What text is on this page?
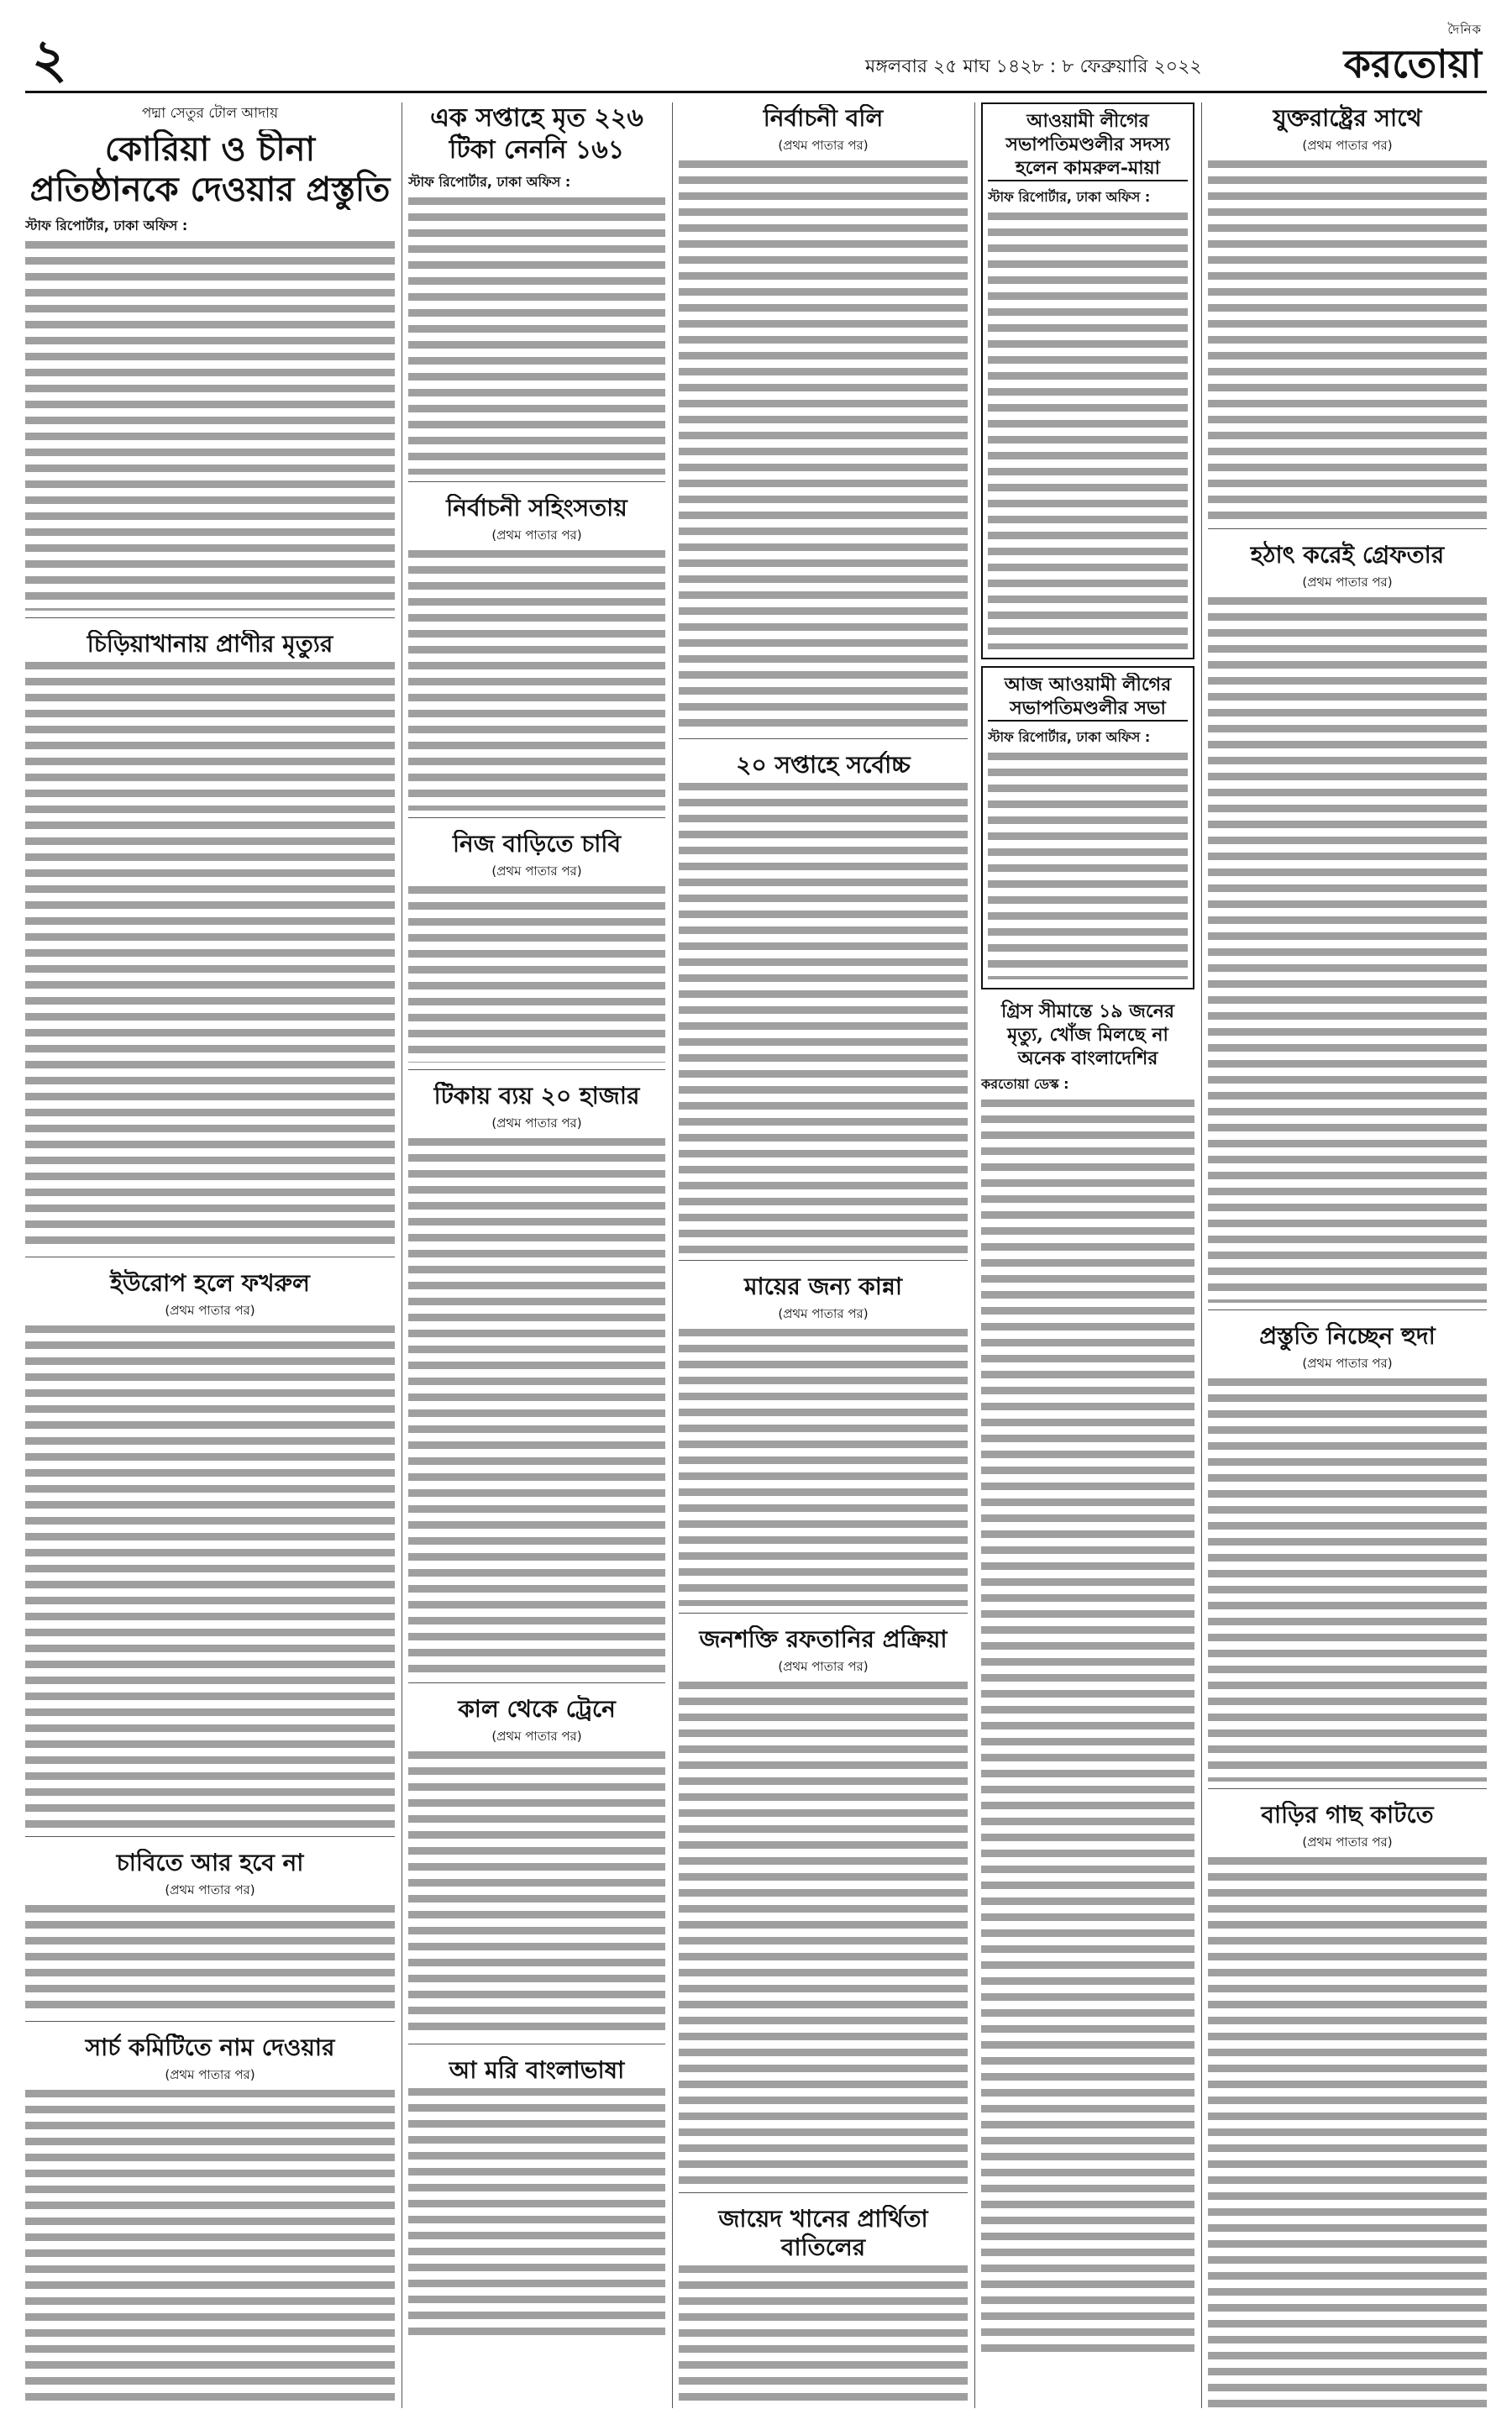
২	মঙ্গলবার ২৫ মাঘ ১৪২৮ : ৮ ফেব্রুয়ারি ২০২২
দৈনিক
করতোয়া
পদ্মা সেতুর টোল আদায়
কোরিয়া ও চীনা প্রতিষ্ঠানকে দেওয়ার প্রস্তুতি
স্টাফ রিপোর্টার, ঢাকা অফিস :
চিড়িয়াখানায় প্রাণীর মৃত্যুর
ইউরোপ হলে ফখরুল
(প্রথম পাতার পর)
চাবিতে আর হবে না
(প্রথম পাতার পর)
সার্চ কমিটিতে নাম দেওয়ার
(প্রথম পাতার পর)
এক সপ্তাহে মৃত ২২৬ টিকা নেননি ১৬১
স্টাফ রিপোর্টার, ঢাকা অফিস :
নির্বাচনী সহিংসতায়
(প্রথম পাতার পর)
নিজ বাড়িতে চাবি
(প্রথম পাতার পর)
টিকায় ব্যয় ২০ হাজার
(প্রথম পাতার পর)
কাল থেকে ট্রেনে
(প্রথম পাতার পর)
আ মরি বাংলাভাষা
নির্বাচনী বলি
(প্রথম পাতার পর)
২০ সপ্তাহে সর্বোচ্চ
মায়ের জন্য কান্না
(প্রথম পাতার পর)
জনশক্তি রফতানির প্রক্রিয়া
(প্রথম পাতার পর)
জায়েদ খানের প্রার্থিতা বাতিলের
আওয়ামী লীগের সভাপতিমণ্ডলীর সদস্য হলেন কামরুল-মায়া
স্টাফ রিপোর্টার, ঢাকা অফিস :
আজ আওয়ামী লীগের সভাপতিমণ্ডলীর সভা
স্টাফ রিপোর্টার, ঢাকা অফিস :
গ্রিস সীমান্তে ১৯ জনের মৃত্যু, খোঁজ মিলছে না অনেক বাংলাদেশির
করতোয়া ডেস্ক :
যুক্তরাষ্ট্রের সাথে
(প্রথম পাতার পর)
হঠাৎ করেই গ্রেফতার
(প্রথম পাতার পর)
প্রস্তুতি নিচ্ছেন হুদা
(প্রথম পাতার পর)
বাড়ির গাছ কাটতে
(প্রথম পাতার পর)
